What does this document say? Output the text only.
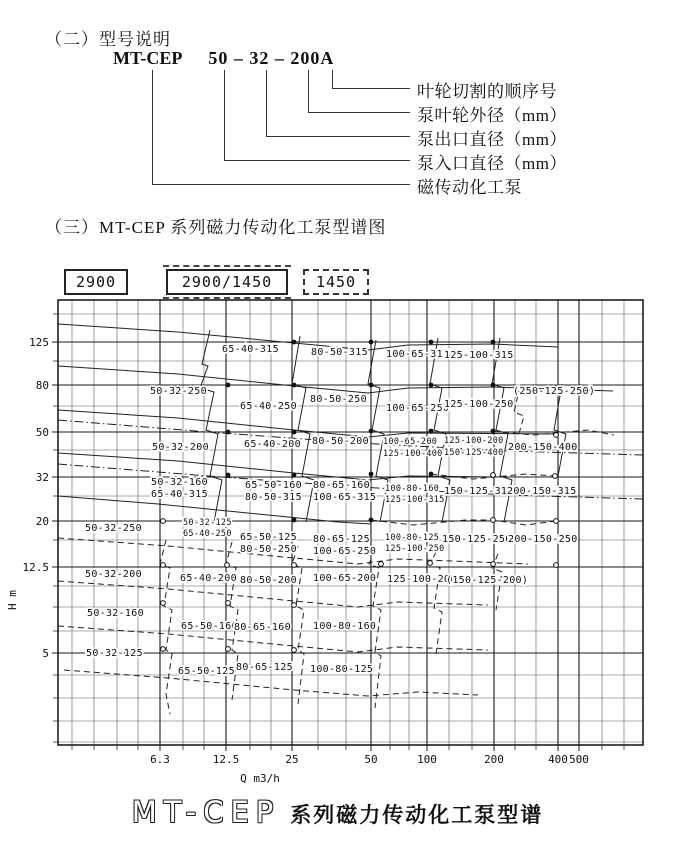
（二）型号说明
MT-CEP 50 – 32 – 200A
叶轮切割的顺序号
泵叶轮外径（mm）
泵出口直径（mm）
泵入口直径（mm）
磁传动化工泵
（三）MT-CEP 系列磁力传动化工泵型谱图
2900	2900/1450	1450
6.3	12.5	25	50	100	200	400 500
125
80
50
32
20
12.5
5
65-40-315	80-50-315 100-65-315
125-100-315
50-32-250
65-40-250
80-50-250
100-65-250
125-100-250
(250-125-250)
50-32-200	65-40-200 80-50-200 100-65-200
125-100-400
125-100-200
150-125-400 200-150-400
50-32-160
65-40-315
65-50-160
80-50-315
80-65-160
100-65-315
100-80-160
125-100-315
150-125-315
200-150-315
50-32-250	50-32-125
65-40-250 65-50-125
80-50-250
80-65-125
100-65-250
100-80-125
125-100-250
150-125-250
200-150-250
50-32-200	65-40-200 80-50-200 100-65-200 125-100-200
(150-125-200)
50-32-160
65-50-160
80-65-160 100-80-160
50-32-125
65-50-125 80-65-125 100-80-125
Q m3/h
H m
MT-CEP 系列磁力传动化工泵型谱
